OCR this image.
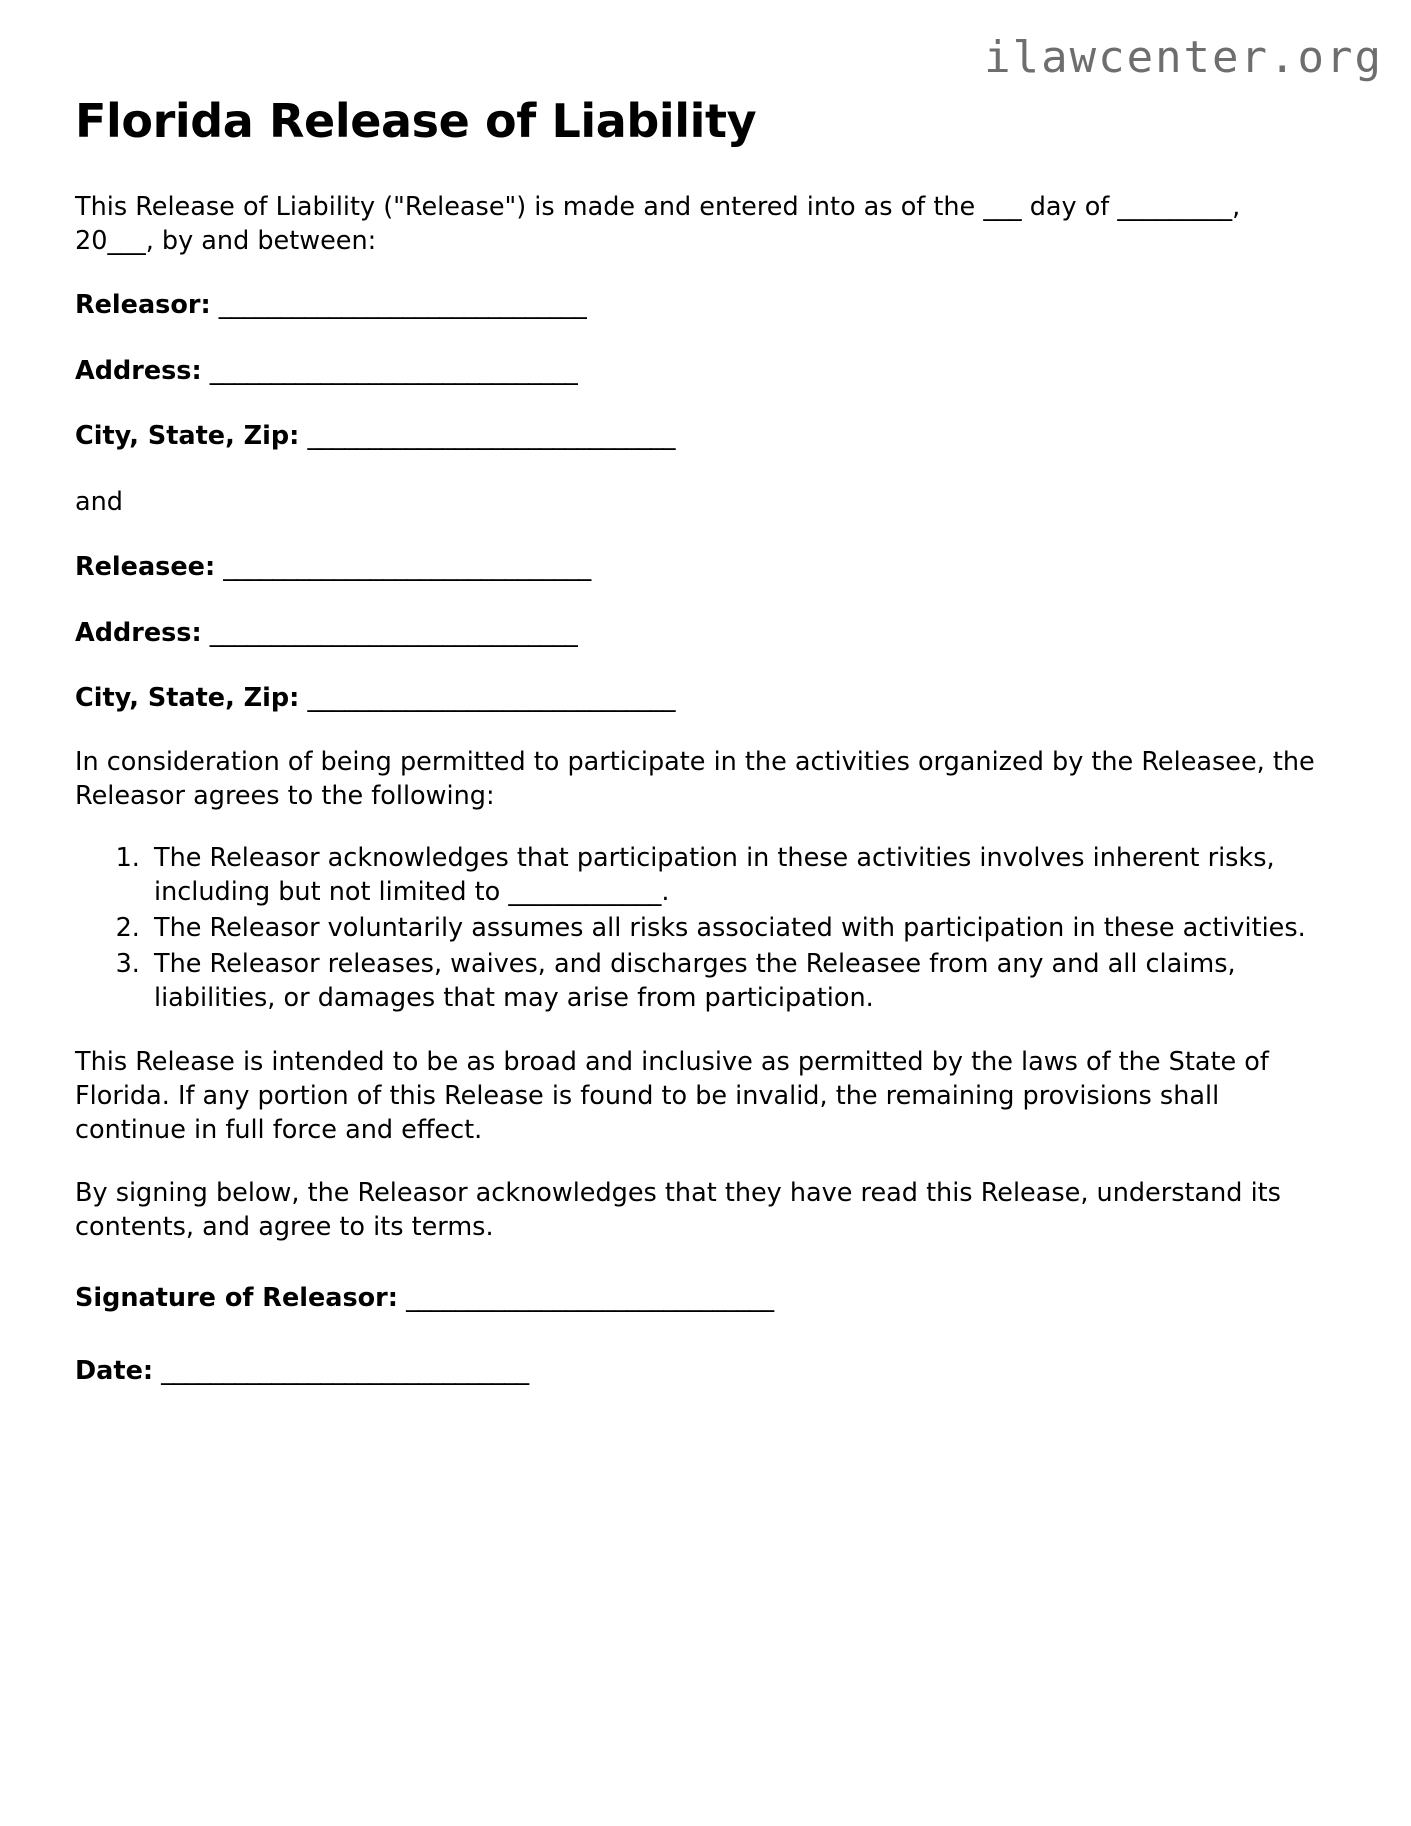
ilawcenter.org
Florida Release of Liability

This Release of Liability ("Release") is made and entered into as of the ___ day of _________, 20___, by and between:

Releasor: ______________________________
Address: ______________________________
City, State, Zip: ______________________________
and
Releasee: ______________________________
Address: ______________________________
City, State, Zip: ______________________________

In consideration of being permitted to participate in the activities organized by the Releasee, the Releasor agrees to the following:

1. The Releasor acknowledges that participation in these activities involves inherent risks, including but not limited to ____________.
2. The Releasor voluntarily assumes all risks associated with participation in these activities.
3. The Releasor releases, waives, and discharges the Releasee from any and all claims, liabilities, or damages that may arise from participation.

This Release is intended to be as broad and inclusive as permitted by the laws of the State of Florida. If any portion of this Release is found to be invalid, the remaining provisions shall continue in full force and effect.

By signing below, the Releasor acknowledges that they have read this Release, understand its contents, and agree to its terms.

Signature of Releasor: ______________________________
Date: ______________________________
